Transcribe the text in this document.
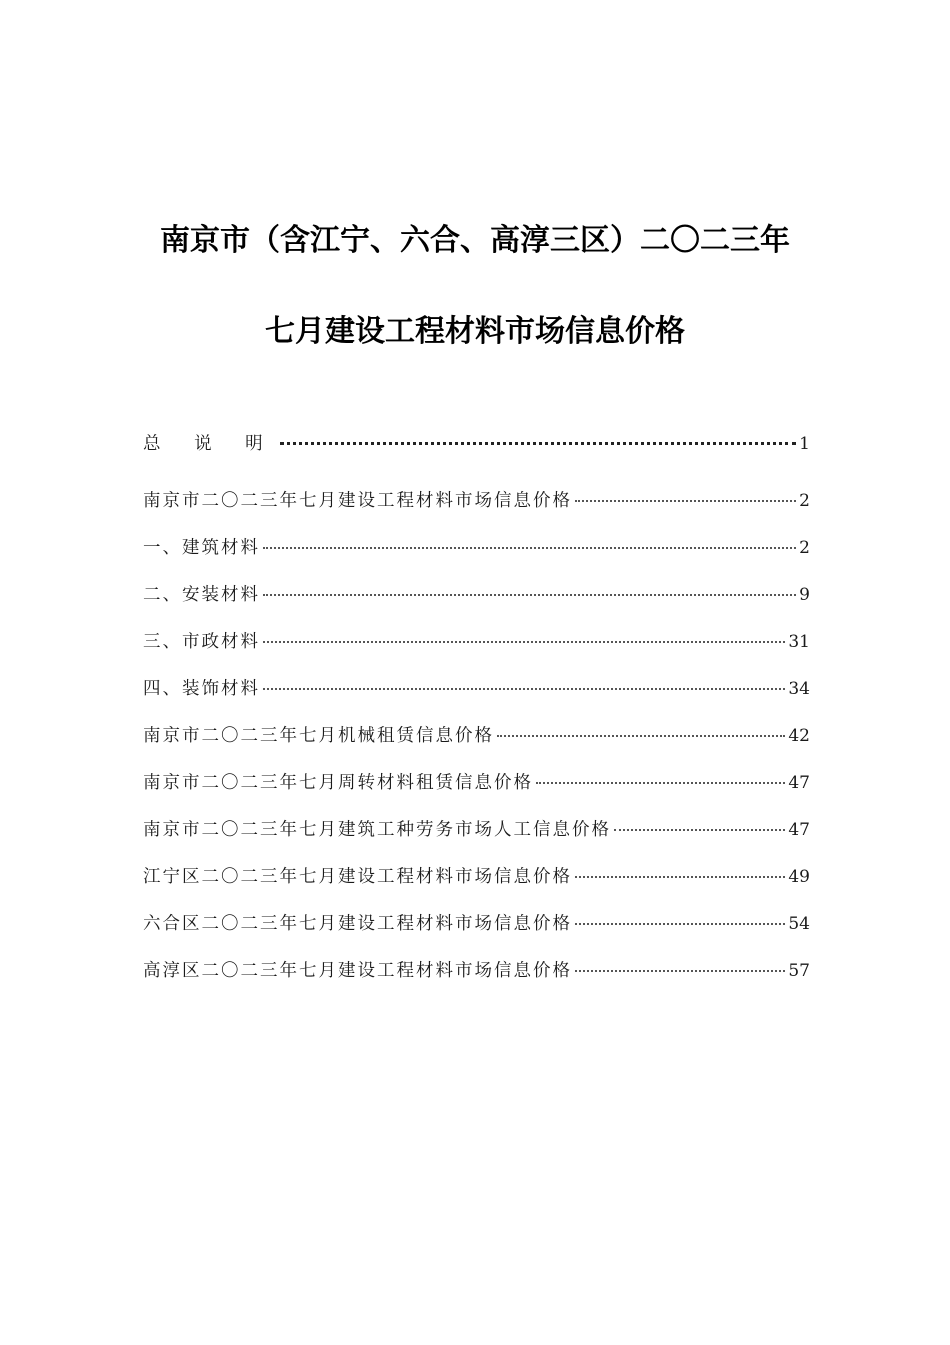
南京市（含江宁、六合、高淳三区）二〇二三年
七月建设工程材料市场信息价格
总 说 明	1
南京市二〇二三年七月建设工程材料市场信息价格	2
一、建筑材料	2
二、安装材料	9
三、市政材料	31
四、装饰材料	34
南京市二〇二三年七月机械租赁信息价格	42
南京市二〇二三年七月周转材料租赁信息价格	47
南京市二〇二三年七月建筑工种劳务市场人工信息价格	47
江宁区二〇二三年七月建设工程材料市场信息价格	49
六合区二〇二三年七月建设工程材料市场信息价格	54
高淳区二〇二三年七月建设工程材料市场信息价格	57
